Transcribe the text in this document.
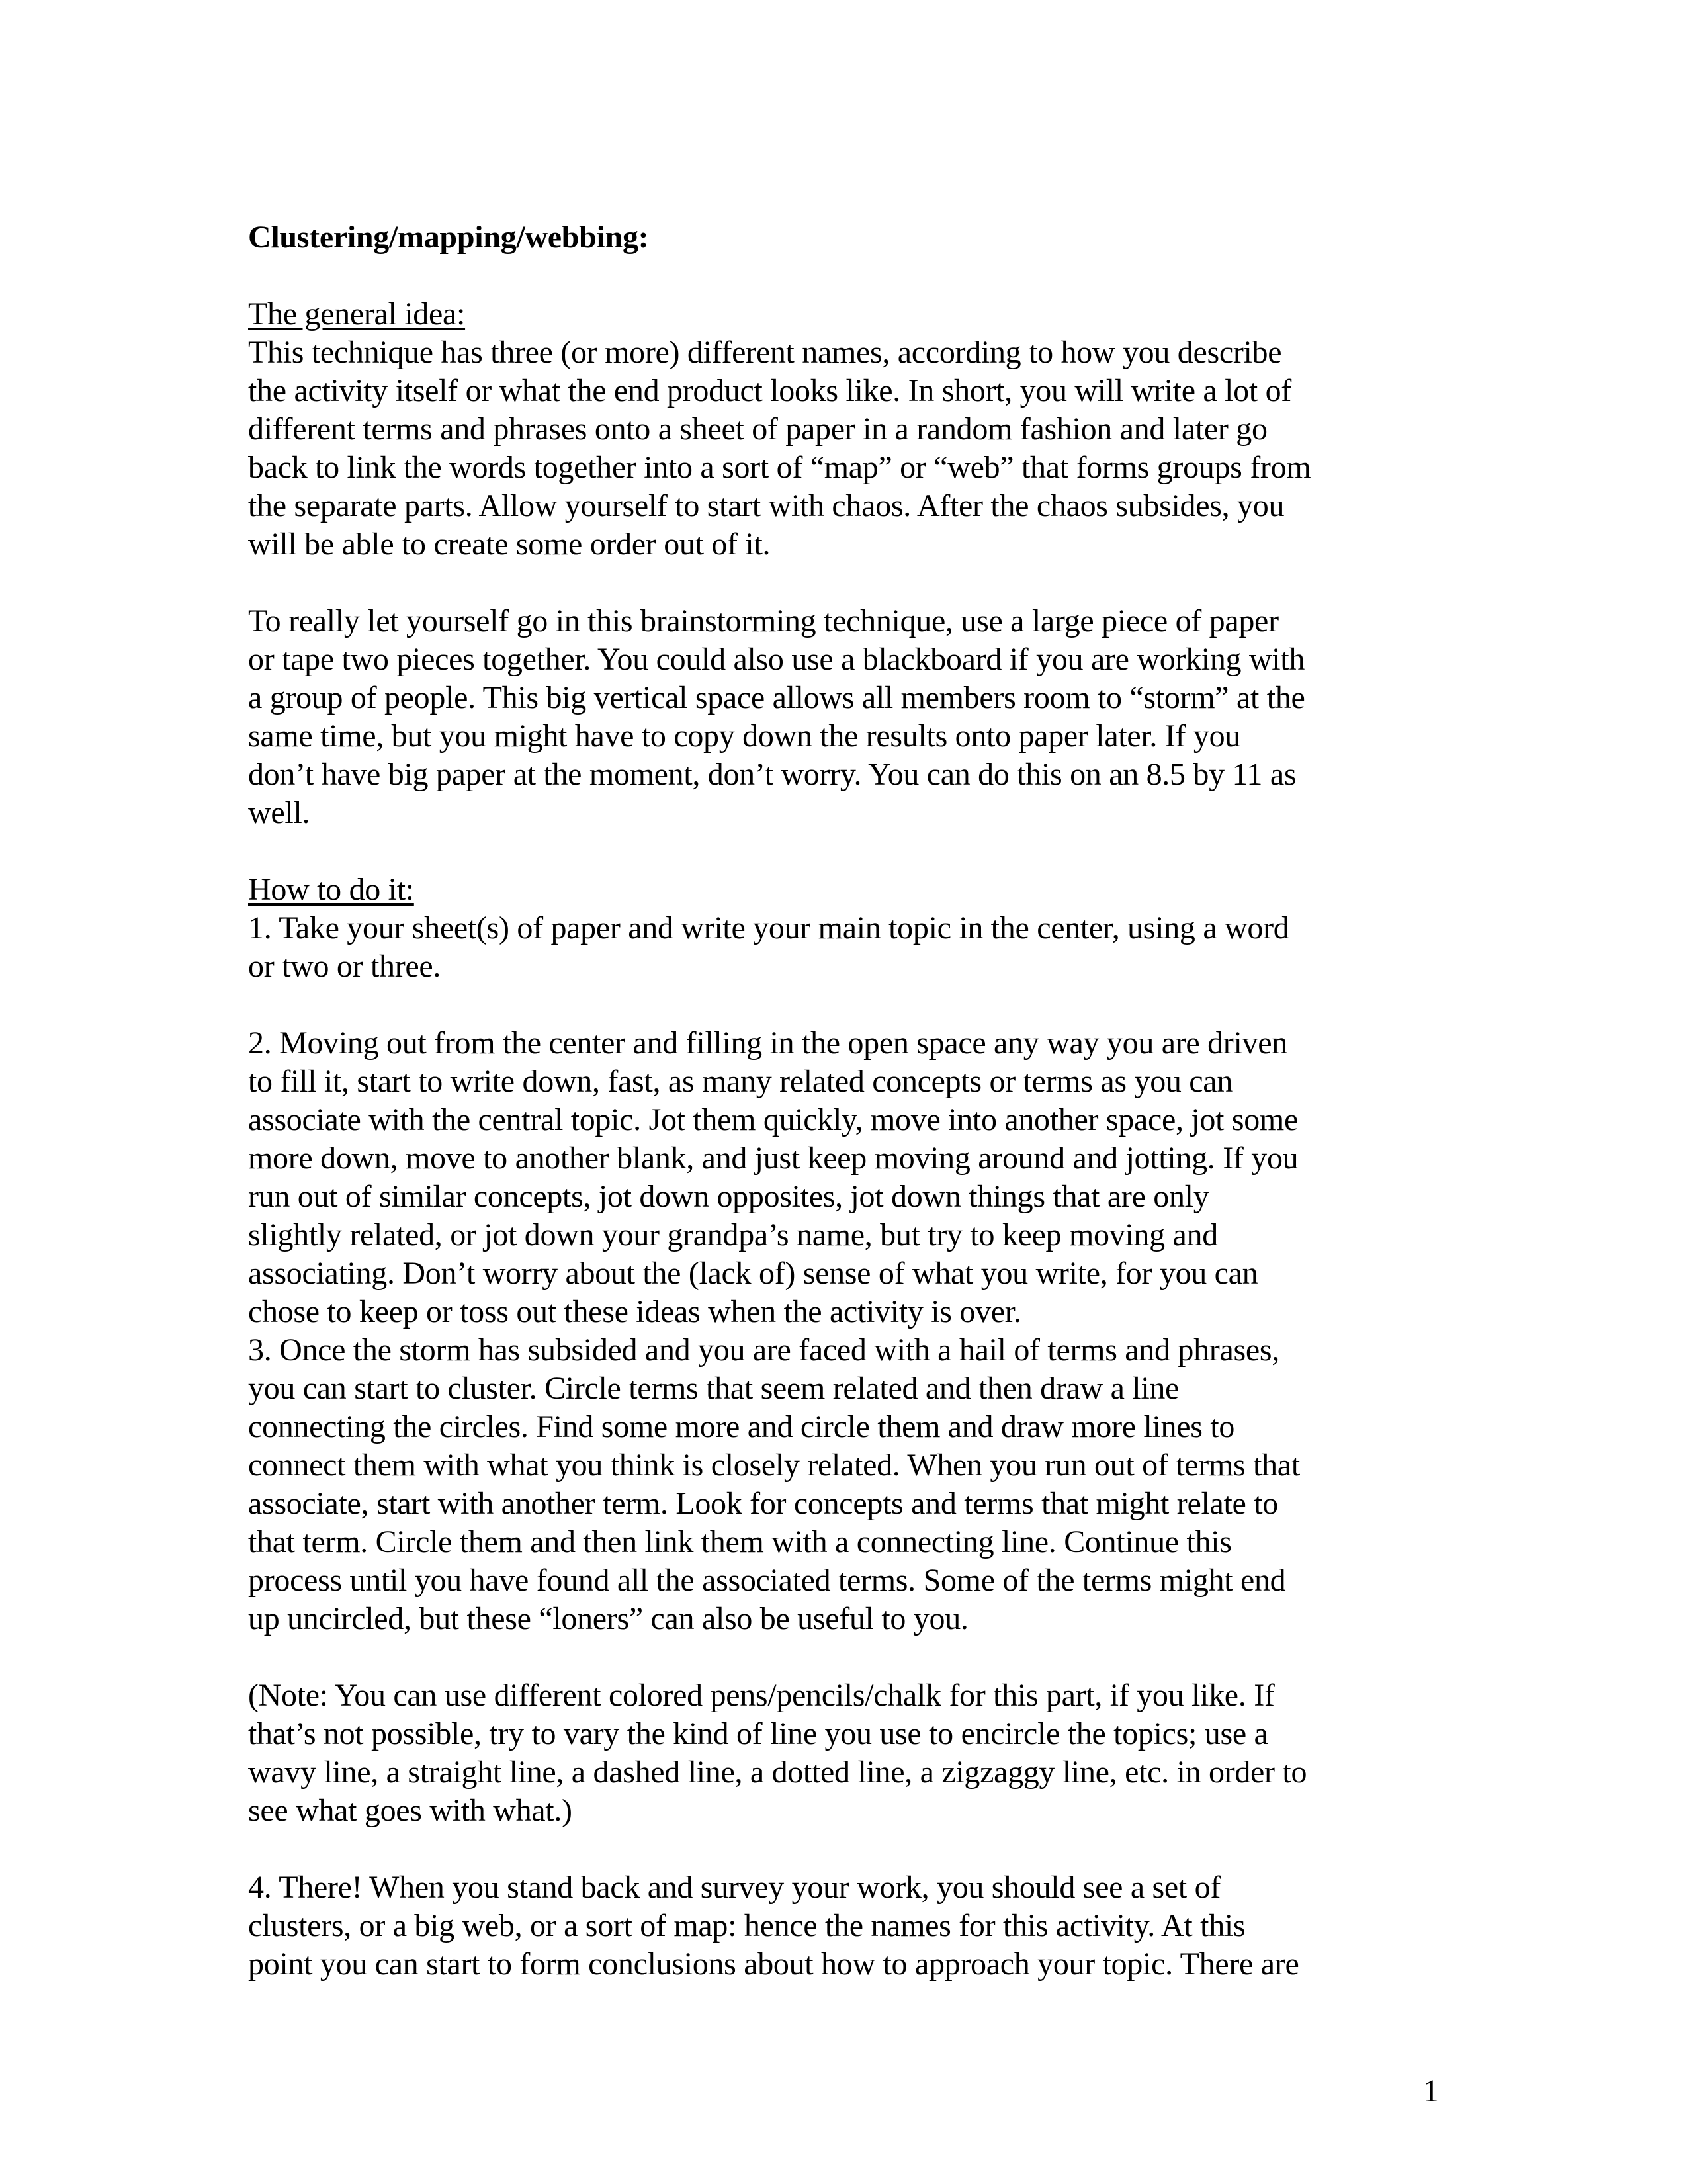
Clustering/mapping/webbing:
The general idea:
This technique has three (or more) different names, according to how you describe
the activity itself or what the end product looks like. In short, you will write a lot of
different terms and phrases onto a sheet of paper in a random fashion and later go
back to link the words together into a sort of “map” or “web” that forms groups from
the separate parts. Allow yourself to start with chaos. After the chaos subsides, you
will be able to create some order out of it.
To really let yourself go in this brainstorming technique, use a large piece of paper
or tape two pieces together. You could also use a blackboard if you are working with
a group of people. This big vertical space allows all members room to “storm” at the
same time, but you might have to copy down the results onto paper later. If you
don’t have big paper at the moment, don’t worry. You can do this on an 8.5 by 11 as
well.
How to do it:
1. Take your sheet(s) of paper and write your main topic in the center, using a word
or two or three.
2. Moving out from the center and filling in the open space any way you are driven
to fill it, start to write down, fast, as many related concepts or terms as you can
associate with the central topic. Jot them quickly, move into another space, jot some
more down, move to another blank, and just keep moving around and jotting. If you
run out of similar concepts, jot down opposites, jot down things that are only
slightly related, or jot down your grandpa’s name, but try to keep moving and
associating. Don’t worry about the (lack of) sense of what you write, for you can
chose to keep or toss out these ideas when the activity is over.
3. Once the storm has subsided and you are faced with a hail of terms and phrases,
you can start to cluster. Circle terms that seem related and then draw a line
connecting the circles. Find some more and circle them and draw more lines to
connect them with what you think is closely related. When you run out of terms that
associate, start with another term. Look for concepts and terms that might relate to
that term. Circle them and then link them with a connecting line. Continue this
process until you have found all the associated terms. Some of the terms might end
up uncircled, but these “loners” can also be useful to you.
(Note: You can use different colored pens/pencils/chalk for this part, if you like. If
that’s not possible, try to vary the kind of line you use to encircle the topics; use a
wavy line, a straight line, a dashed line, a dotted line, a zigzaggy line, etc. in order to
see what goes with what.)
4. There! When you stand back and survey your work, you should see a set of
clusters, or a big web, or a sort of map: hence the names for this activity. At this
point you can start to form conclusions about how to approach your topic. There are
1
